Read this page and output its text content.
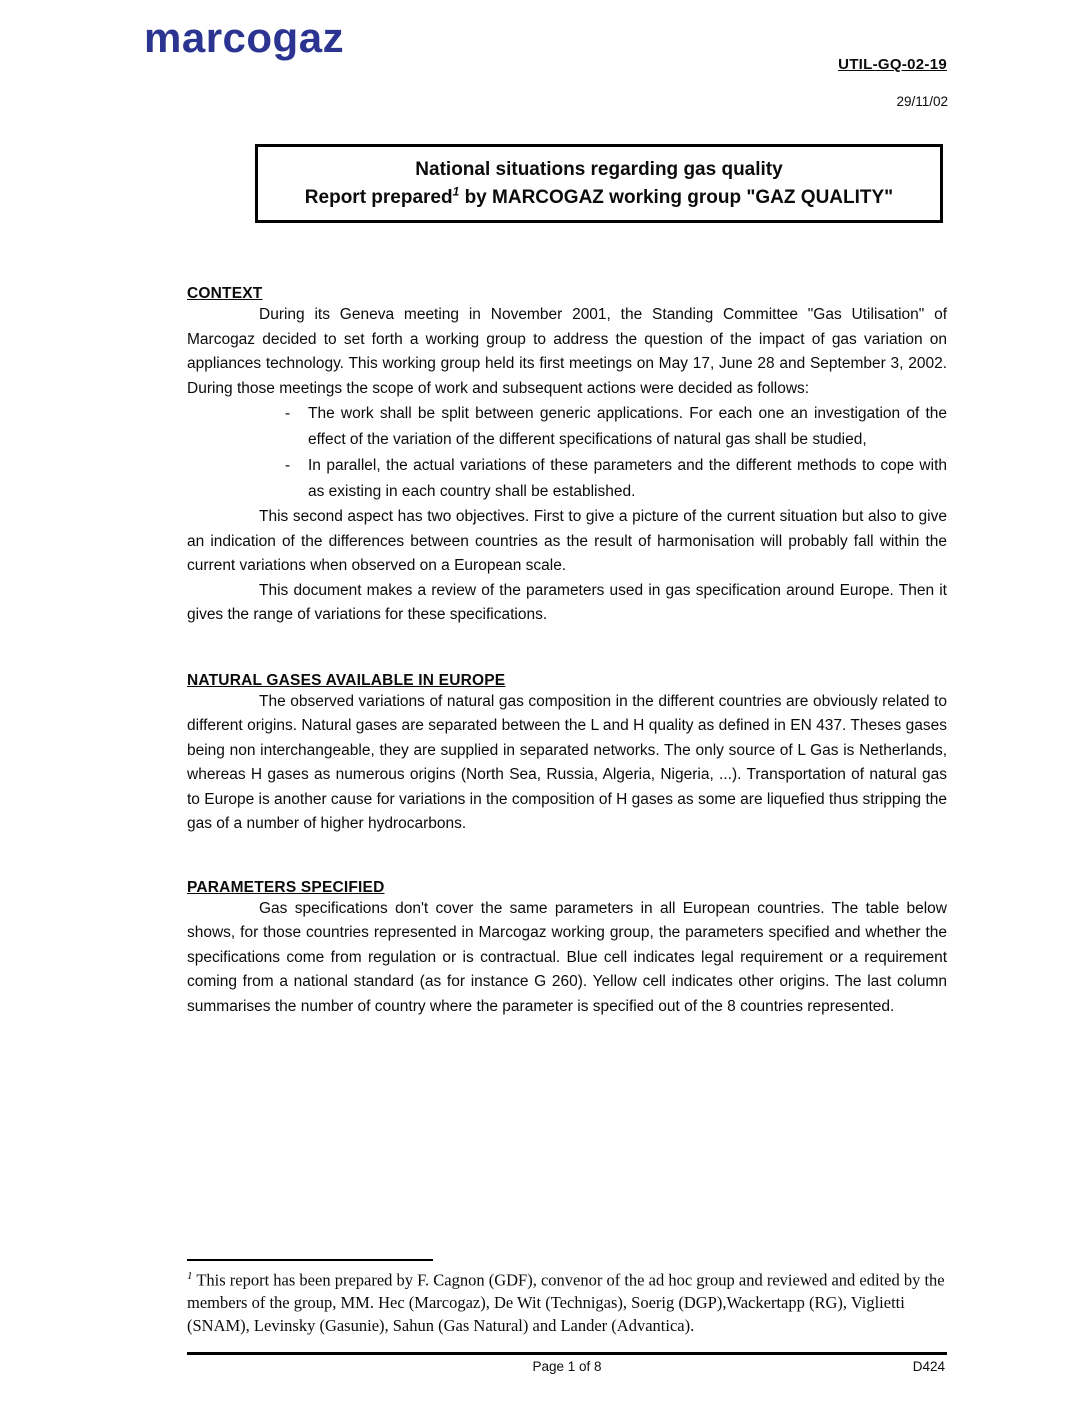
marcogaz
UTIL-GQ-02-19
29/11/02
National situations regarding gas quality
Report prepared$^1$ by MARCOGAZ working group "GAZ QUALITY"
CONTEXT

During its Geneva meeting in November 2001, the Standing Committee "Gas Utilisation" of Marcogaz decided to set forth a working group to address the question of the impact of gas variation on appliances technology. This working group held its first meetings on May 17, June 28 and September 3, 2002. During those meetings the scope of work and subsequent actions were decided as follows:

-	The work shall be split between generic applications. For each one an investigation of the effect of the variation of the different specifications of natural gas shall be studied,
-	In parallel, the actual variations of these parameters and the different methods to cope with as existing in each country shall be established.

This second aspect has two objectives. First to give a picture of the current situation but also to give an indication of the differences between countries as the result of harmonisation will probably fall within the current variations when observed on a European scale.

This document makes a review of the parameters used in gas specification around Europe. Then it gives the range of variations for these specifications.

NATURAL GASES AVAILABLE IN EUROPE

The observed variations of natural gas composition in the different countries are obviously related to different origins. Natural gases are separated between the L and H quality as defined in EN 437. Theses gases being non interchangeable, they are supplied in separated networks. The only source of L Gas is Netherlands, whereas H gases as numerous origins (North Sea, Russia, Algeria, Nigeria, ...). Transportation of natural gas to Europe is another cause for variations in the composition of H gases as some are liquefied thus stripping the gas of a number of higher hydrocarbons.

PARAMETERS SPECIFIED

Gas specifications don't cover the same parameters in all European countries. The table below shows, for those countries represented in Marcogaz working group, the parameters specified and whether the specifications come from regulation or is contractual. Blue cell indicates legal requirement or a requirement coming from a national standard (as for instance G 260). Yellow cell indicates other origins. The last column summarises the number of country where the parameter is specified out of the 8 countries represented.

$^1$ This report has been prepared by F. Cagnon (GDF), convenor of the ad hoc group and reviewed and edited by the members of the group, MM. Hec (Marcogaz), De Wit (Technigas), Soerig (DGP),Wackertapp (RG), Viglietti (SNAM), Levinsky (Gasunie), Sahun (Gas Natural) and Lander (Advantica).
Page 1 of 8	D424
